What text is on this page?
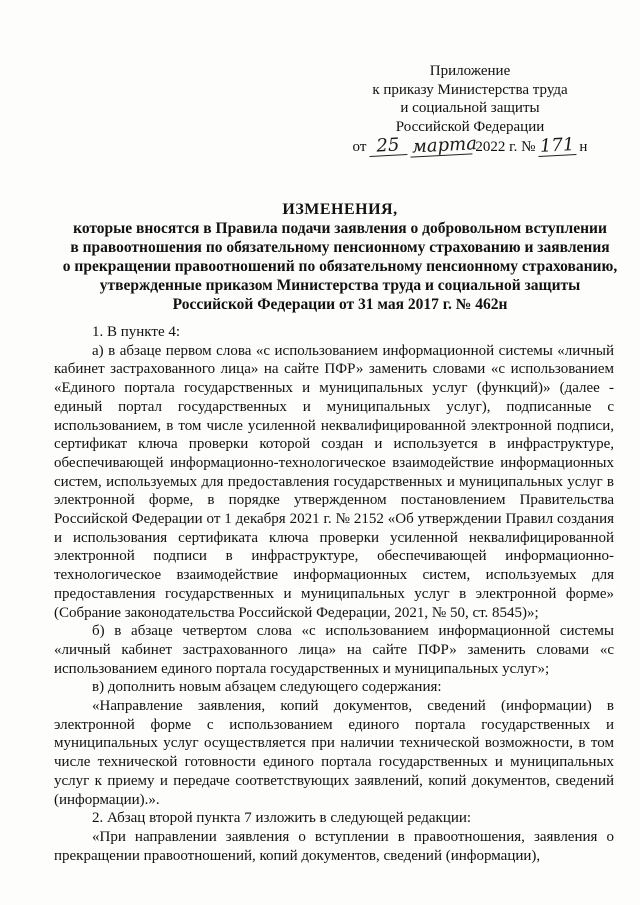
Приложение
к приказу Министерства труда
и социальной защиты
Российской Федерации
от 25 марта
2022 г. № 171 н
ИЗМЕНЕНИЯ,
которые вносятся в Правила подачи заявления о добровольном вступлении
в правоотношения по обязательному пенсионному страхованию и заявления
о прекращении правоотношений по обязательному пенсионному страхованию,
утвержденные приказом Министерства труда и социальной защиты
Российской Федерации от 31 мая 2017 г. № 462н

1. В пункте 4:

а) в абзаце первом слова «с использованием информационной системы «личный кабинет застрахованного лица» на сайте ПФР» заменить словами «с использованием «Единого портала государственных и муниципальных услуг (функций)» (далее - единый портал государственных и муниципальных услуг), подписанные с использованием, в том числе усиленной неквалифицированной электронной подписи, сертификат ключа проверки которой создан и используется в инфраструктуре, обеспечивающей информационно-технологическое взаимодействие информационных систем, используемых для предоставления государственных и муниципальных услуг в электронной форме, в порядке утвержденном постановлением Правительства Российской Федерации от 1 декабря 2021 г. № 2152 «Об утверждении Правил создания и использования сертификата ключа проверки усиленной неквалифицированной электронной подписи в инфраструктуре, обеспечивающей информационно-технологическое взаимодействие информационных систем, используемых для предоставления государственных и муниципальных услуг в электронной форме» (Собрание законодательства Российской Федерации, 2021, № 50, ст. 8545)»;

б) в абзаце четвертом слова «с использованием информационной системы «личный кабинет застрахованного лица» на сайте ПФР» заменить словами «с использованием единого портала государственных и муниципальных услуг»;

в) дополнить новым абзацем следующего содержания:

«Направление заявления, копий документов, сведений (информации) в электронной форме с использованием единого портала государственных и муниципальных услуг осуществляется при наличии технической возможности, в том числе технической готовности единого портала государственных и муниципальных услуг к приему и передаче соответствующих заявлений, копий документов, сведений (информации).».

2. Абзац второй пункта 7 изложить в следующей редакции:

«При направлении заявления о вступлении в правоотношения, заявления о прекращении правоотношений, копий документов, сведений (информации),
